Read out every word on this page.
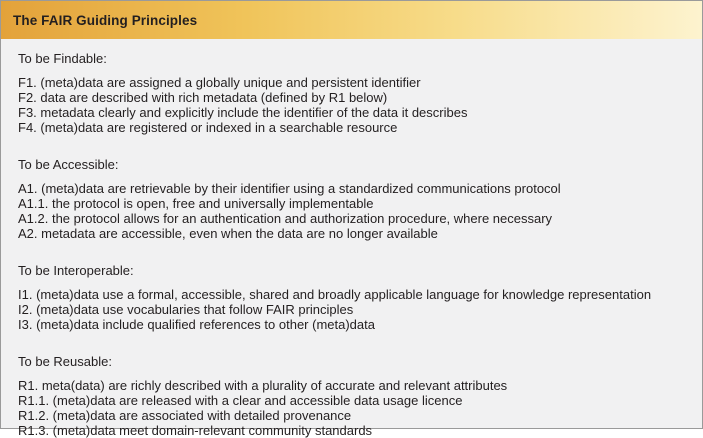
The FAIR Guiding Principles
To be Findable:
F1. (meta)data are assigned a globally unique and persistent identifier
F2. data are described with rich metadata (defined by R1 below)
F3. metadata clearly and explicitly include the identifier of the data it describes
F4. (meta)data are registered or indexed in a searchable resource
To be Accessible:
A1. (meta)data are retrievable by their identifier using a standardized communications protocol
A1.1. the protocol is open, free and universally implementable
A1.2. the protocol allows for an authentication and authorization procedure, where necessary
A2. metadata are accessible, even when the data are no longer available
To be Interoperable:
I1. (meta)data use a formal, accessible, shared and broadly applicable language for knowledge representation
I2. (meta)data use vocabularies that follow FAIR principles
I3. (meta)data include qualified references to other (meta)data
To be Reusable:
R1. meta(data) are richly described with a plurality of accurate and relevant attributes
R1.1. (meta)data are released with a clear and accessible data usage licence
R1.2. (meta)data are associated with detailed provenance
R1.3. (meta)data meet domain-relevant community standards
